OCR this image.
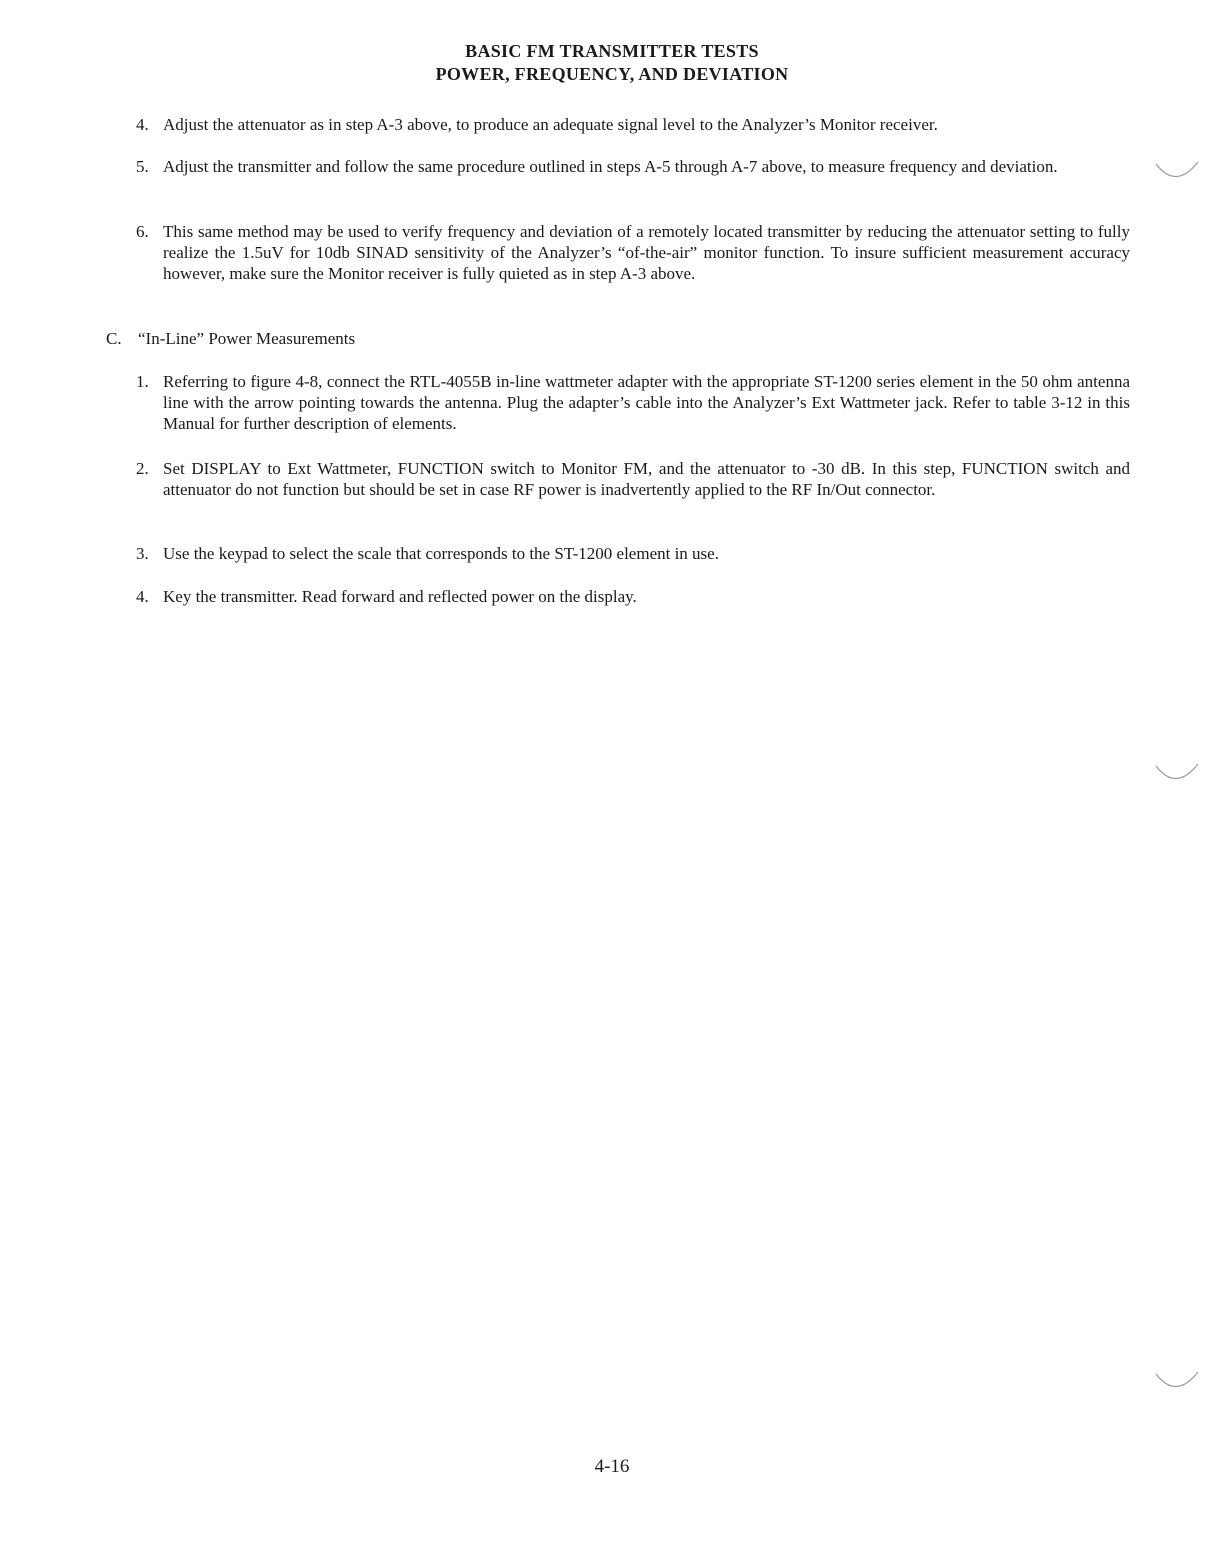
BASIC FM TRANSMITTER TESTS
POWER, FREQUENCY, AND DEVIATION
4. Adjust the attenuator as in step A-3 above, to produce an adequate signal level to the Analyzer’s Monitor receiver.
5. Adjust the transmitter and follow the same procedure outlined in steps A-5 through A-7 above, to measure frequency and deviation.
6. This same method may be used to verify frequency and deviation of a remotely located transmitter by reducing the attenuator setting to fully realize the 1.5uV for 10db SINAD sensitivity of the Analyzer’s “of-the-air” monitor function. To insure sufficient measurement accuracy however, make sure the Monitor receiver is fully quieted as in step A-3 above.
C. “In-Line” Power Measurements
1. Referring to figure 4-8, connect the RTL-4055B in-line wattmeter adapter with the appropriate ST-1200 series element in the 50 ohm antenna line with the arrow pointing towards the antenna. Plug the adapter’s cable into the Analyzer’s Ext Wattmeter jack. Refer to table 3-12 in this Manual for further description of elements.
2. Set DISPLAY to Ext Wattmeter, FUNCTION switch to Monitor FM, and the attenuator to -30 dB. In this step, FUNCTION switch and attenuator do not function but should be set in case RF power is inadvertently applied to the RF In/Out connector.
3. Use the keypad to select the scale that corresponds to the ST-1200 element in use.
4. Key the transmitter. Read forward and reflected power on the display.
4-16
